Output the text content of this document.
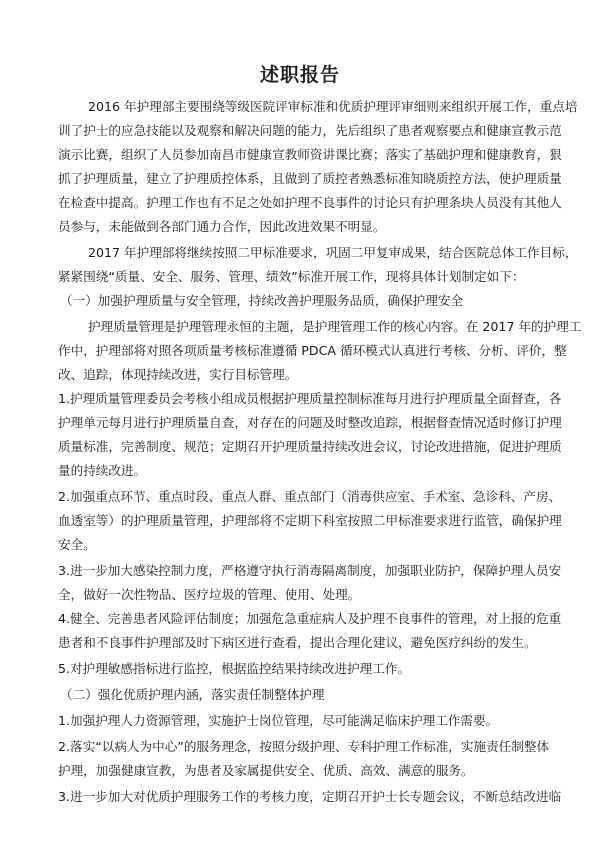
述职报告
2016 年护理部主要围绕等级医院评审标准和优质护理评审细则来组织开展工作，重点培
训了护士的应急技能以及观察和解决问题的能力，先后组织了患者观察要点和健康宣教示范
演示比赛，组织了人员参加南昌市健康宣教师资讲课比赛；落实了基础护理和健康教育，狠
抓了护理质量，建立了护理质控体系，且做到了质控者熟悉标准知晓质控方法，使护理质量
在检查中提高。护理工作也有不足之处如护理不良事件的讨论只有护理条块人员没有其他人
员参与，未能做到各部门通力合作，因此改进效果不明显。
2017 年护理部将继续按照二甲标准要求，巩固二甲复审成果，结合医院总体工作目标，
紧紧围绕“质量、安全、服务、管理、绩效”标准开展工作，现将具体计划制定如下：
（一）加强护理质量与安全管理，持续改善护理服务品质，确保护理安全
护理质量管理是护理管理永恒的主题，是护理管理工作的核心内容。在 2017 年的护理工
作中，护理部将对照各项质量考核标准遵循 PDCA 循环模式认真进行考核、分析、评价，整
改、追踪，体现持续改进，实行目标管理。
1.护理质量管理委员会考核小组成员根据护理质量控制标准每月进行护理质量全面督查，各
护理单元每月进行护理质量自查，对存在的问题及时整改追踪，根据督查情况适时修订护理
质量标准，完善制度、规范；定期召开护理质量持续改进会议，讨论改进措施，促进护理质
量的持续改进。
2.加强重点环节、重点时段、重点人群、重点部门（消毒供应室、手术室、急诊科、产房、
血透室等）的护理质量管理，护理部将不定期下科室按照二甲标准要求进行监管，确保护理
安全。
3.进一步加大感染控制力度，严格遵守执行消毒隔离制度，加强职业防护，保障护理人员安
全，做好一次性物品、医疗垃圾的管理、使用、处理。
4.健全、完善患者风险评估制度；加强危急重症病人及护理不良事件的管理，对上报的危重
患者和不良事件护理部及时下病区进行查看，提出合理化建议，避免医疗纠纷的发生。
5.对护理敏感指标进行监控，根据监控结果持续改进护理工作。
（二）强化优质护理内涵，落实责任制整体护理
1.加强护理人力资源管理，实施护士岗位管理，尽可能满足临床护理工作需要。
2.落实“以病人为中心”的服务理念，按照分级护理、专科护理工作标准，实施责任制整体
护理，加强健康宣教，为患者及家属提供安全、优质、高效、满意的服务。
3.进一步加大对优质护理服务工作的考核力度，定期召开护士长专题会议，不断总结改进临
